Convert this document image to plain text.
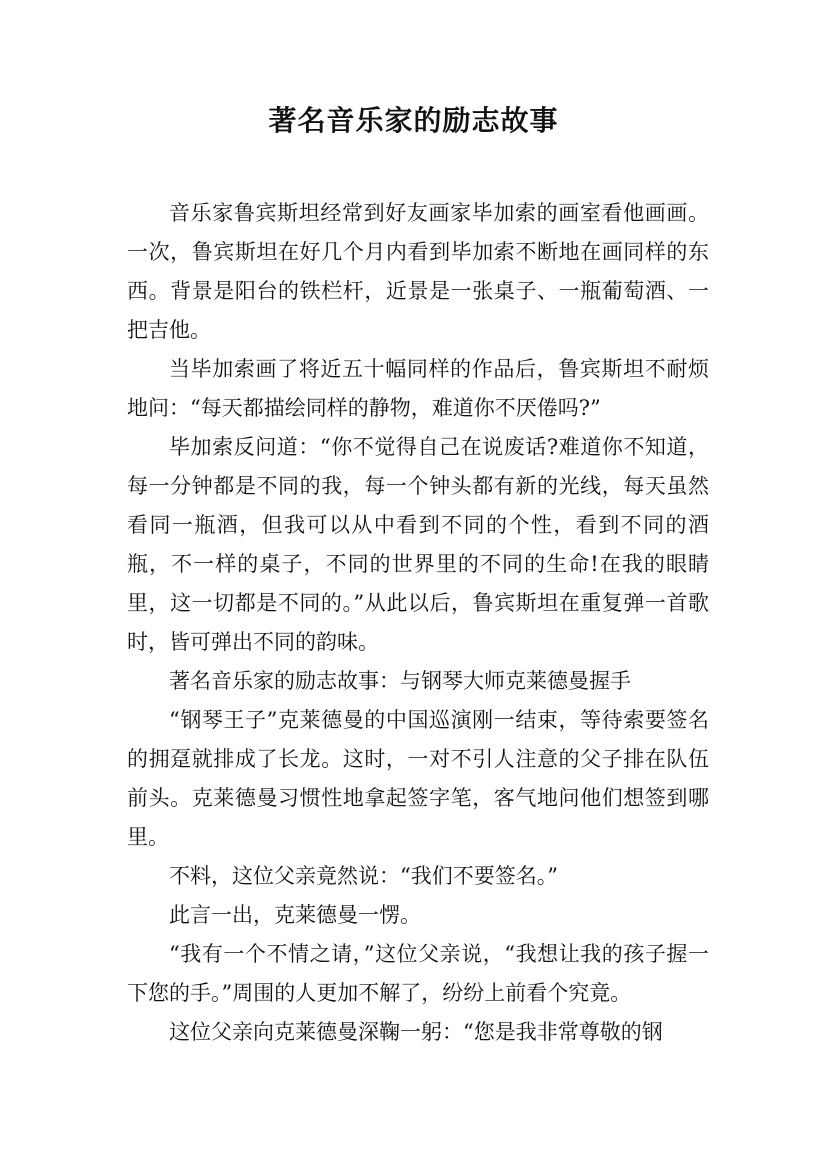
著名音乐家的励志故事

音乐家鲁宾斯坦经常到好友画家毕加索的画室看他画画。一次，鲁宾斯坦在好几个月内看到毕加索不断地在画同样的东西。背景是阳台的铁栏杆，近景是一张桌子、一瓶葡萄酒、一把吉他。

当毕加索画了将近五十幅同样的作品后，鲁宾斯坦不耐烦地问：“每天都描绘同样的静物，难道你不厌倦吗?”

毕加索反问道：“你不觉得自己在说废话?难道你不知道，每一分钟都是不同的我，每一个钟头都有新的光线，每天虽然看同一瓶酒，但我可以从中看到不同的个性，看到不同的酒瓶，不一样的桌子，不同的世界里的不同的生命!在我的眼睛里，这一切都是不同的。”从此以后，鲁宾斯坦在重复弹一首歌时，皆可弹出不同的韵味。

著名音乐家的励志故事：与钢琴大师克莱德曼握手

“钢琴王子”克莱德曼的中国巡演刚一结束，等待索要签名的拥趸就排成了长龙。这时，一对不引人注意的父子排在队伍前头。克莱德曼习惯性地拿起签字笔，客气地问他们想签到哪里。

不料，这位父亲竟然说：“我们不要签名。”

此言一出，克莱德曼一愣。

“我有一个不情之请，”这位父亲说，“我想让我的孩子握一下您的手。”周围的人更加不解了，纷纷上前看个究竟。

这位父亲向克莱德曼深鞠一躬：“您是我非常尊敬的钢
